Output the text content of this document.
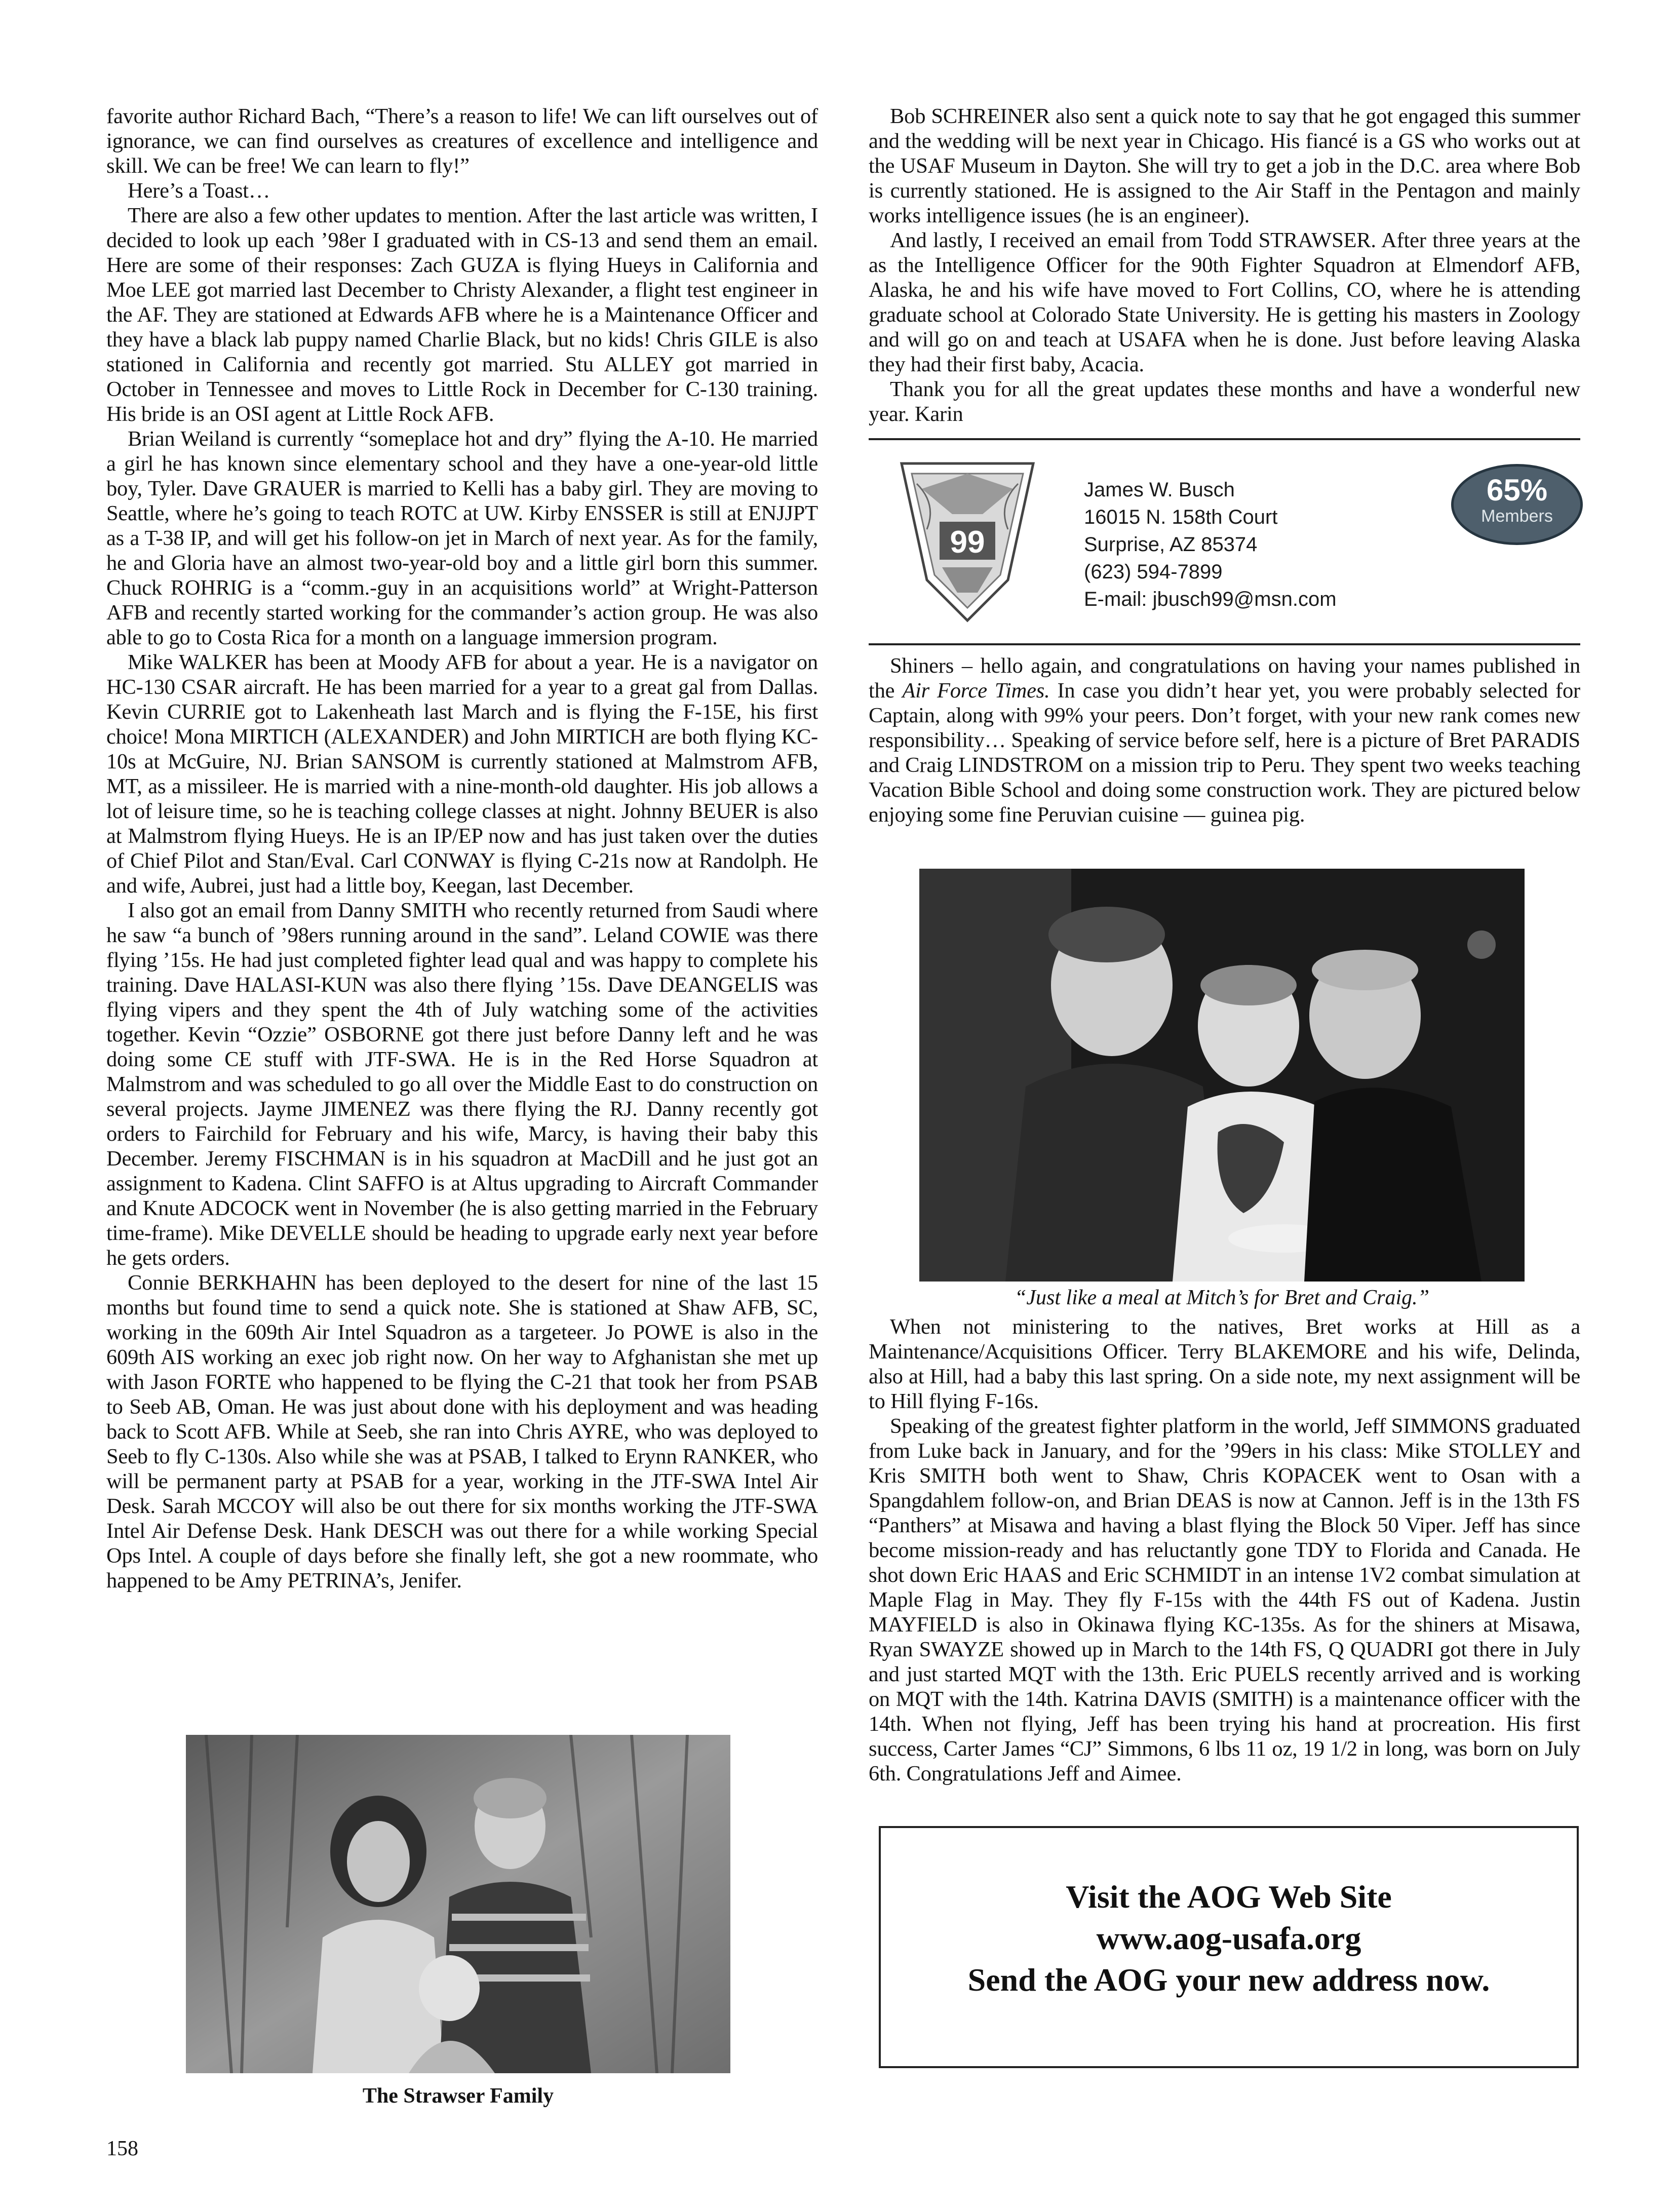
favorite author Richard Bach, “There’s a reason to life! We can lift ourselves out of ignorance, we can find ourselves as creatures of excellence and intelligence and skill. We can be free! We can learn to fly!”

Here’s a Toast…

There are also a few other updates to mention. After the last article was written, I decided to look up each ’98er I graduated with in CS-13 and send them an email. Here are some of their responses: Zach GUZA is flying Hueys in California and Moe LEE got married last December to Christy Alexander, a flight test engineer in the AF. They are stationed at Edwards AFB where he is a Maintenance Officer and they have a black lab puppy named Charlie Black, but no kids! Chris GILE is also stationed in California and recently got married. Stu ALLEY got married in October in Tennessee and moves to Little Rock in December for C-130 training. His bride is an OSI agent at Little Rock AFB.

Brian Weiland is currently “someplace hot and dry” flying the A-10. He married a girl he has known since elementary school and they have a one-year-old little boy, Tyler. Dave GRAUER is married to Kelli has a baby girl. They are moving to Seattle, where he’s going to teach ROTC at UW. Kirby ENSSER is still at ENJJPT as a T-38 IP, and will get his follow-on jet in March of next year. As for the family, he and Gloria have an almost two-year-old boy and a little girl born this summer. Chuck ROHRIG is a “comm.-guy in an acquisitions world” at Wright-Patterson AFB and recently started working for the commander’s action group. He was also able to go to Costa Rica for a month on a language immersion program.

Mike WALKER has been at Moody AFB for about a year. He is a navigator on HC-130 CSAR aircraft. He has been married for a year to a great gal from Dallas. Kevin CURRIE got to Lakenheath last March and is flying the F-15E, his first choice! Mona MIRTICH (ALEXANDER) and John MIRTICH are both flying KC-10s at McGuire, NJ. Brian SANSOM is currently stationed at Malmstrom AFB, MT, as a missileer. He is married with a nine-month-old daughter. His job allows a lot of leisure time, so he is teaching college classes at night. Johnny BEUER is also at Malmstrom flying Hueys. He is an IP/EP now and has just taken over the duties of Chief Pilot and Stan/Eval. Carl CONWAY is flying C-21s now at Randolph. He and wife, Aubrei, just had a little boy, Keegan, last December.

I also got an email from Danny SMITH who recently returned from Saudi where he saw “a bunch of ’98ers running around in the sand”. Leland COWIE was there flying ’15s. He had just completed fighter lead qual and was happy to complete his training. Dave HALASI-KUN was also there flying ’15s. Dave DEANGELIS was flying vipers and they spent the 4th of July watching some of the activities together. Kevin “Ozzie” OSBORNE got there just before Danny left and he was doing some CE stuff with JTF-SWA. He is in the Red Horse Squadron at Malmstrom and was scheduled to go all over the Middle East to do construction on several projects. Jayme JIMENEZ was there flying the RJ. Danny recently got orders to Fairchild for February and his wife, Marcy, is having their baby this December. Jeremy FISCHMAN is in his squadron at MacDill and he just got an assignment to Kadena. Clint SAFFO is at Altus upgrading to Aircraft Commander and Knute ADCOCK went in November (he is also getting married in the February time-frame). Mike DEVELLE should be heading to upgrade early next year before he gets orders.

Connie BERKHAHN has been deployed to the desert for nine of the last 15 months but found time to send a quick note. She is stationed at Shaw AFB, SC, working in the 609th Air Intel Squadron as a targeteer. Jo POWE is also in the 609th AIS working an exec job right now. On her way to Afghanistan she met up with Jason FORTE who happened to be flying the C-21 that took her from PSAB to Seeb AB, Oman. He was just about done with his deployment and was heading back to Scott AFB. While at Seeb, she ran into Chris AYRE, who was deployed to Seeb to fly C-130s. Also while she was at PSAB, I talked to Erynn RANKER, who will be permanent party at PSAB for a year, working in the JTF-SWA Intel Air Desk. Sarah MCCOY will also be out there for six months working the JTF-SWA Intel Air Defense Desk. Hank DESCH was out there for a while working Special Ops Intel. A couple of days before she finally left, she got a new roommate, who happened to be Amy PETRINA’s, Jenifer.

The Strawser Family
158

Bob SCHREINER also sent a quick note to say that he got engaged this summer and the wedding will be next year in Chicago. His fiancé is a GS who works out at the USAF Museum in Dayton. She will try to get a job in the D.C. area where Bob is currently stationed. He is assigned to the Air Staff in the Pentagon and mainly works intelligence issues (he is an engineer).

And lastly, I received an email from Todd STRAWSER. After three years at the as the Intelligence Officer for the 90th Fighter Squadron at Elmendorf AFB, Alaska, he and his wife have moved to Fort Collins, CO, where he is attending graduate school at Colorado State University. He is getting his masters in Zoology and will go on and teach at USAFA when he is done. Just before leaving Alaska they had their first baby, Acacia.

Thank you for all the great updates these months and have a wonderful new year. Karin

99
James W. Busch
16015 N. 158th Court
Surprise, AZ 85374
(623) 594-7899
E-mail: jbusch99@msn.com
65%
Members

Shiners – hello again, and congratulations on having your names published in the Air Force Times. In case you didn’t hear yet, you were probably selected for Captain, along with 99% your peers. Don’t forget, with your new rank comes new responsibility… Speaking of service before self, here is a picture of Bret PARADIS and Craig LINDSTROM on a mission trip to Peru. They spent two weeks teaching Vacation Bible School and doing some construction work. They are pictured below enjoying some fine Peruvian cuisine — guinea pig.

“Just like a meal at Mitch’s for Bret and Craig.”

When not ministering to the natives, Bret works at Hill as a Maintenance/Acquisitions Officer. Terry BLAKEMORE and his wife, Delinda, also at Hill, had a baby this last spring. On a side note, my next assignment will be to Hill flying F-16s.

Speaking of the greatest fighter platform in the world, Jeff SIMMONS graduated from Luke back in January, and for the ’99ers in his class: Mike STOLLEY and Kris SMITH both went to Shaw, Chris KOPACEK went to Osan with a Spangdahlem follow-on, and Brian DEAS is now at Cannon. Jeff is in the 13th FS “Panthers” at Misawa and having a blast flying the Block 50 Viper. Jeff has since become mission-ready and has reluctantly gone TDY to Florida and Canada. He shot down Eric HAAS and Eric SCHMIDT in an intense 1V2 combat simulation at Maple Flag in May. They fly F-15s with the 44th FS out of Kadena. Justin MAYFIELD is also in Okinawa flying KC-135s. As for the shiners at Misawa, Ryan SWAYZE showed up in March to the 14th FS, Q QUADRI got there in July and just started MQT with the 13th. Eric PUELS recently arrived and is working on MQT with the 14th. Katrina DAVIS (SMITH) is a maintenance officer with the 14th. When not flying, Jeff has been trying his hand at procreation. His first success, Carter James “CJ” Simmons, 6 lbs 11 oz, 19 1/2 in long, was born on July 6th. Congratulations Jeff and Aimee.

Visit the AOG Web Site
www.aog-usafa.org
Send the AOG your new address now.
